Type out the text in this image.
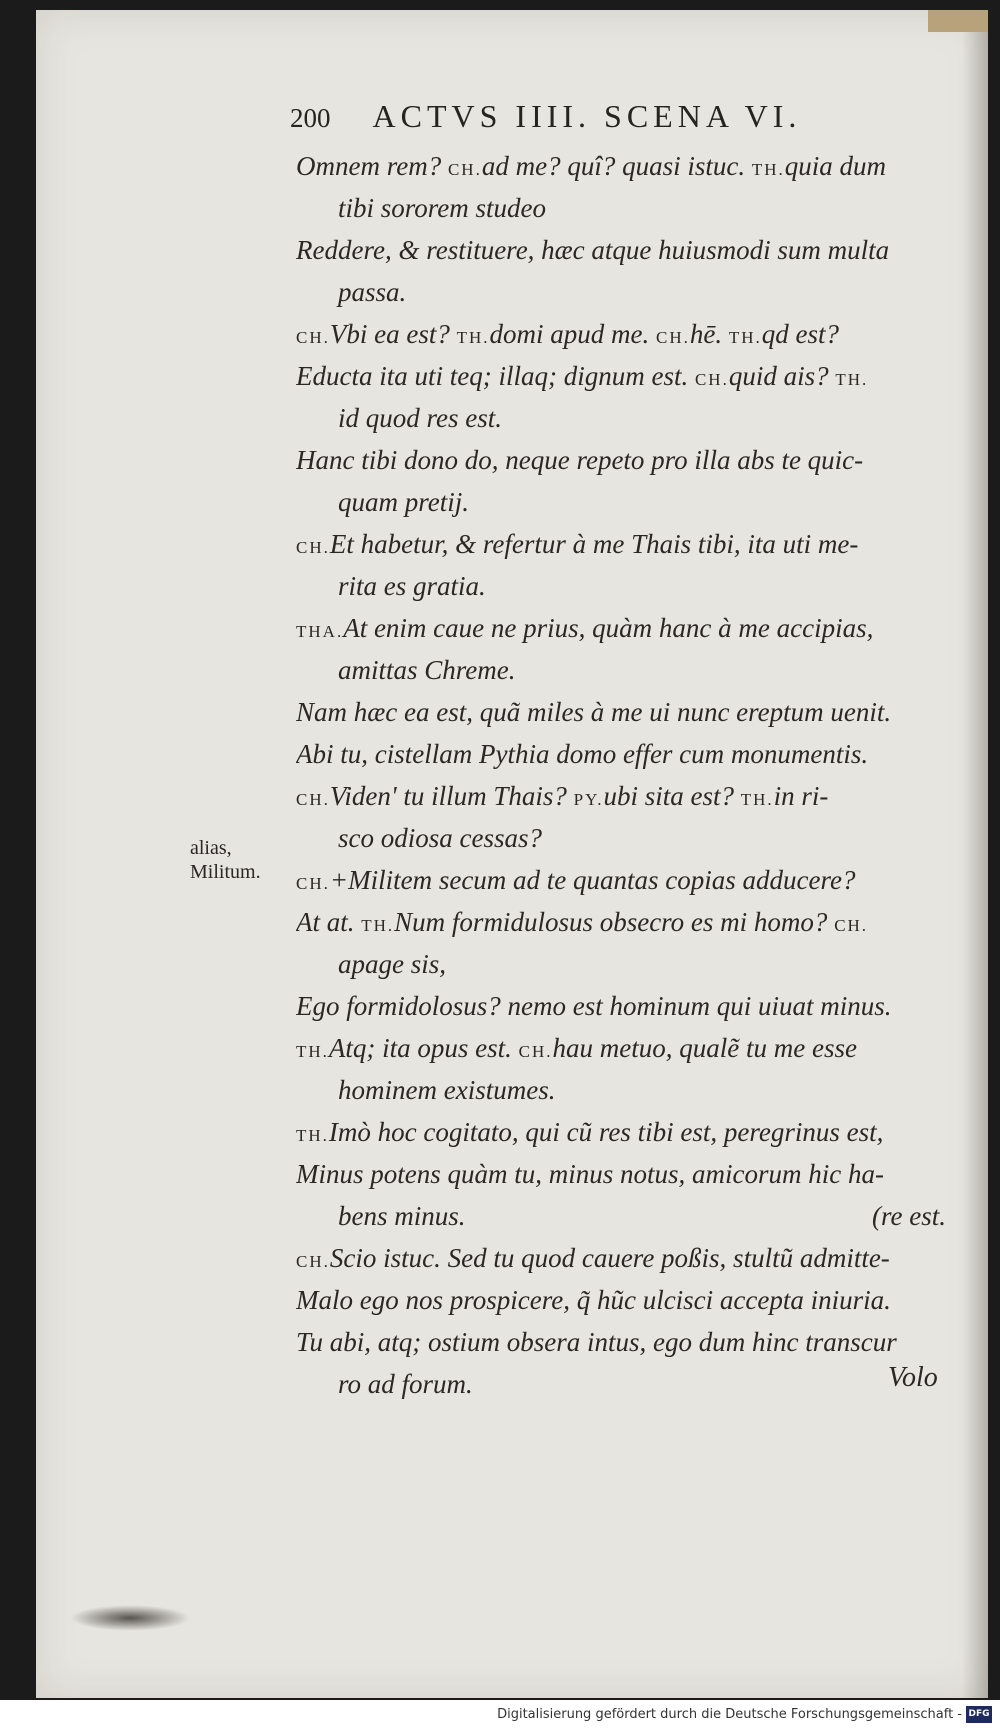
200 ACTVS IIII. SCENA VI.
Omnem rem? CH.ad me? quî? quasi istuc. TH.quia dum
tibi sororem studeo
Reddere, & restituere, hæc atque huiusmodi sum multa
passa.
CH.Vbi ea est? TH.domi apud me. CH.hē. TH.qd est?
Educta ita uti teq; illaq; dignum est. CH.quid ais? TH.
id quod res est.
Hanc tibi dono do, neque repeto pro illa abs te quic-
quam pretij.
CH.Et habetur, & refertur à me Thais tibi, ita uti me-
rita es gratia.
THA.At enim caue ne prius, quàm hanc à me accipias,
amittas Chreme.
Nam hæc ea est, quã miles à me ui nunc ereptum uenit.
Abi tu, cistellam Pythia domo effer cum monumentis.
CH.Viden' tu illum Thais? PY.ubi sita est? TH.in ri-
sco odiosa cessas?
CH.+Militem secum ad te quantas copias adducere?
At at. TH.Num formidulosus obsecro es mi homo? CH.
apage sis,
Ego formidolosus? nemo est hominum qui uiuat minus.
TH.Atq; ita opus est. CH.hau metuo, qualẽ tu me esse
hominem existumes.
TH.Imò hoc cogitato, qui cũ res tibi est, peregrinus est,
Minus potens quàm tu, minus notus, amicorum hic ha-
bens minus.	(re est.
CH.Scio istuc. Sed tu quod cauere poßis, stultũ admitte-
Malo ego nos prospicere, q̃ hũc ulcisci accepta iniuria.
Tu abi, atq; ostium obsera intus, ego dum hinc transcur
ro ad forum.
alias, Militum.
Volo
Digitalisierung gefördert durch die Deutsche Forschungsgemeinschaft - DFG
